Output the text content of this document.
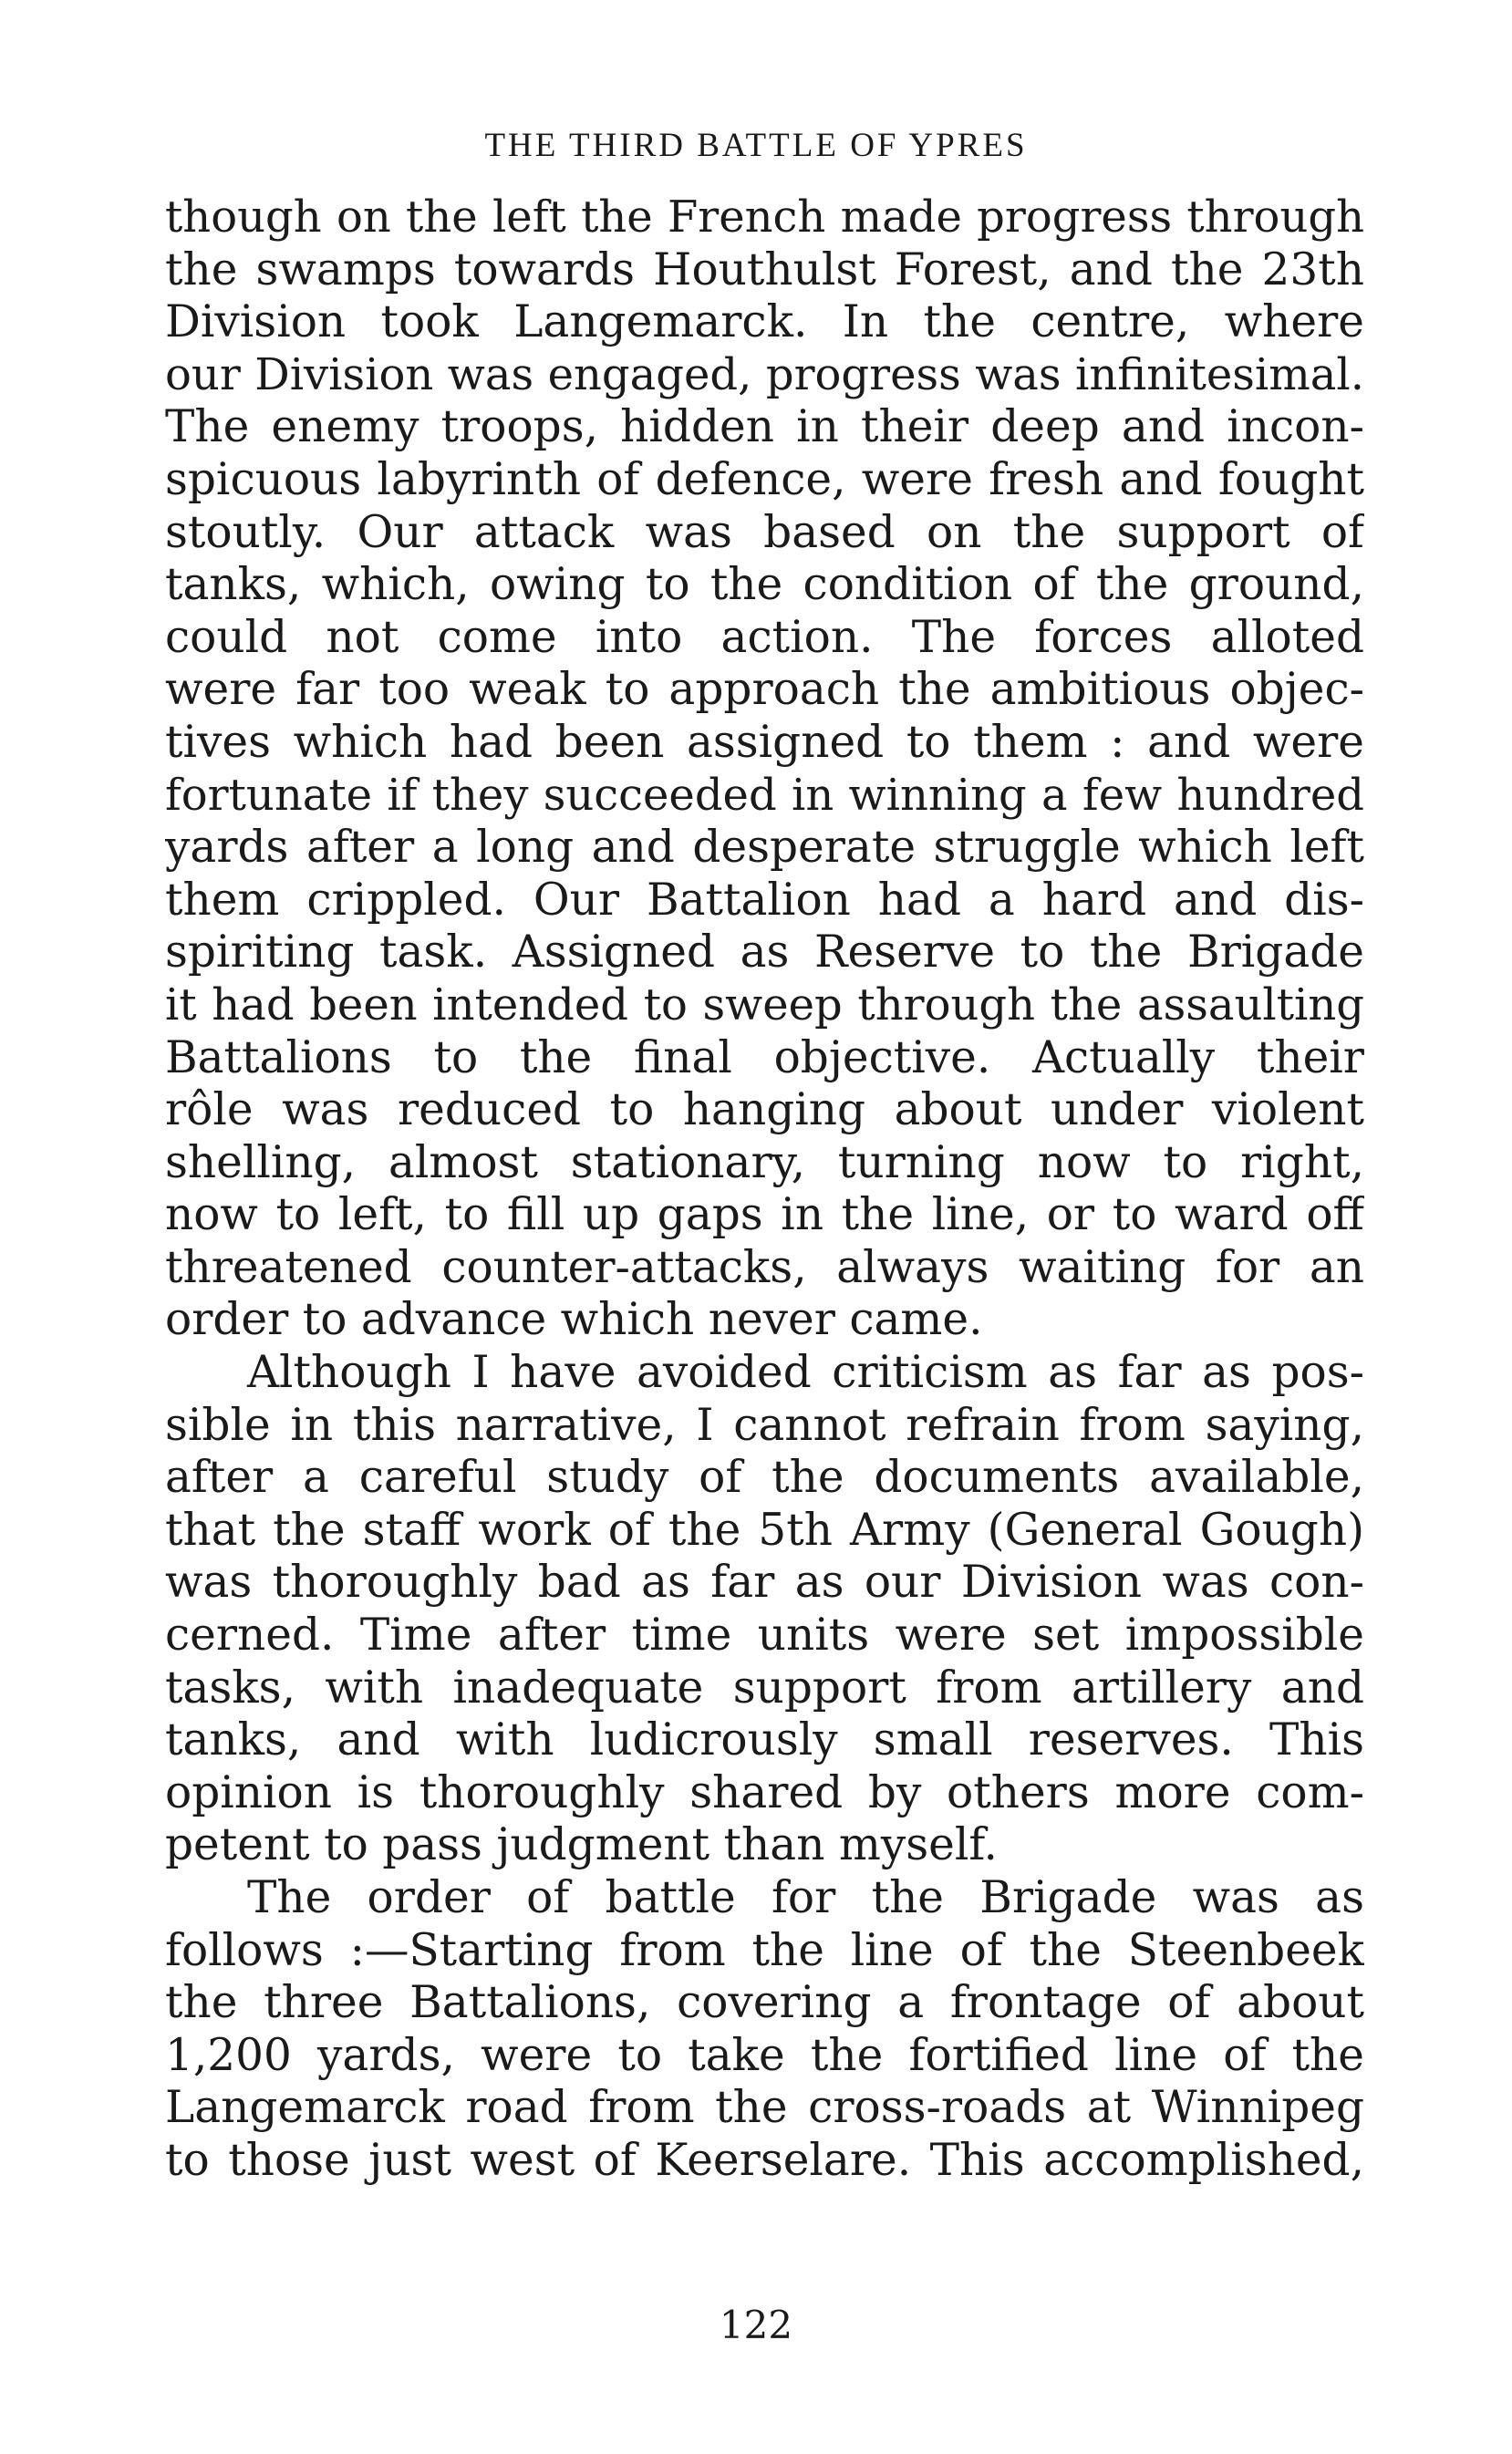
THE THIRD BATTLE OF YPRES
though on the left the French made progress through
the swamps towards Houthulst Forest, and the 23th
Division took Langemarck. In the centre, where
our Division was engaged, progress was infinitesimal.
The enemy troops, hidden in their deep and incon-
spicuous labyrinth of defence, were fresh and fought
stoutly. Our attack was based on the support of
tanks, which, owing to the condition of the ground,
could not come into action. The forces alloted
were far too weak to approach the ambitious objec-
tives which had been assigned to them : and were
fortunate if they succeeded in winning a few hundred
yards after a long and desperate struggle which left
them crippled. Our Battalion had a hard and dis-
spiriting task. Assigned as Reserve to the Brigade
it had been intended to sweep through the assaulting
Battalions to the final objective. Actually their
rôle was reduced to hanging about under violent
shelling, almost stationary, turning now to right,
now to left, to fill up gaps in the line, or to ward off
threatened counter-attacks, always waiting for an
order to advance which never came.
Although I have avoided criticism as far as pos-
sible in this narrative, I cannot refrain from saying,
after a careful study of the documents available,
that the staff work of the 5th Army (General Gough)
was thoroughly bad as far as our Division was con-
cerned. Time after time units were set impossible
tasks, with inadequate support from artillery and
tanks, and with ludicrously small reserves. This
opinion is thoroughly shared by others more com-
petent to pass judgment than myself.
The order of battle for the Brigade was as
follows :—Starting from the line of the Steenbeek
the three Battalions, covering a frontage of about
1,200 yards, were to take the fortified line of the
Langemarck road from the cross-roads at Winnipeg
to those just west of Keerselare. This accomplished,
122
